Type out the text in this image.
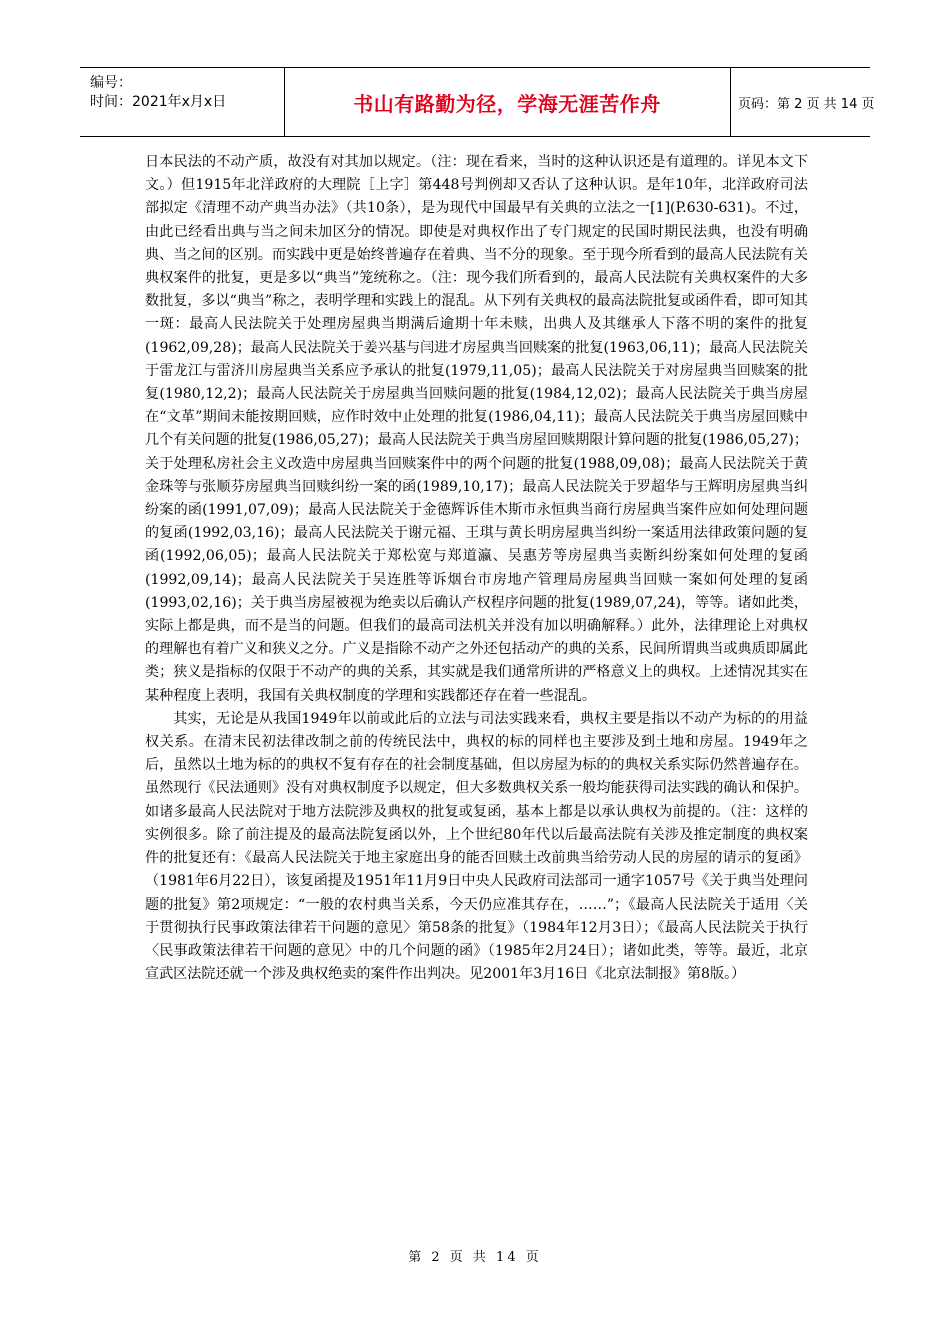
编号：
时间：2021年x月x日	书山有路勤为径，学海无涯苦作舟	页码：第 2 页 共 14 页

日本民法的不动产质，故没有对其加以规定。（注：现在看来，当时的这种认识还是有道理的。详见本文下文。）但1915年北洋政府的大理院［上字］第448号判例却又否认了这种认识。是年10年，北洋政府司法部拟定《清理不动产典当办法》（共10条），是为现代中国最早有关典的立法之一[1](P.630-631)。不过，由此已经看出典与当之间未加区分的情况。即使是对典权作出了专门规定的民国时期民法典，也没有明确典、当之间的区别。而实践中更是始终普遍存在着典、当不分的现象。至于现今所看到的最高人民法院有关典权案件的批复，更是多以“典当”笼统称之。（注：现今我们所看到的，最高人民法院有关典权案件的大多数批复，多以“典当”称之，表明学理和实践上的混乱。从下列有关典权的最高法院批复或函件看，即可知其一斑：最高人民法院关于处理房屋典当期满后逾期十年未赎，出典人及其继承人下落不明的案件的批复(1962,09,28)；最高人民法院关于姜兴基与闫进才房屋典当回赎案的批复(1963,06,11)；最高人民法院关于雷龙江与雷济川房屋典当关系应予承认的批复(1979,11,05)；最高人民法院关于对房屋典当回赎案的批复(1980,12,2)；最高人民法院关于房屋典当回赎问题的批复(1984,12,02)；最高人民法院关于典当房屋在“文革”期间未能按期回赎，应作时效中止处理的批复(1986,04,11)；最高人民法院关于典当房屋回赎中几个有关问题的批复(1986,05,27)；最高人民法院关于典当房屋回赎期限计算问题的批复(1986,05,27)；关于处理私房社会主义改造中房屋典当回赎案件中的两个问题的批复(1988,09,08)；最高人民法院关于黄金珠等与张顺芬房屋典当回赎纠纷一案的函(1989,10,17)；最高人民法院关于罗超华与王辉明房屋典当纠纷案的函(1991,07,09)；最高人民法院关于金德辉诉佳木斯市永恒典当商行房屋典当案件应如何处理问题的复函(1992,03,16)；最高人民法院关于谢元福、王琪与黄长明房屋典当纠纷一案适用法律政策问题的复函(1992,06,05)；最高人民法院关于郑松宽与郑道瀛、吴惠芳等房屋典当卖断纠纷案如何处理的复函(1992,09,14)；最高人民法院关于吴连胜等诉烟台市房地产管理局房屋典当回赎一案如何处理的复函(1993,02,16)；关于典当房屋被视为绝卖以后确认产权程序问题的批复(1989,07,24)，等等。诸如此类，实际上都是典，而不是当的问题。但我们的最高司法机关并没有加以明确解释。）此外，法律理论上对典权的理解也有着广义和狭义之分。广义是指除不动产之外还包括动产的典的关系，民间所谓典当或典质即属此类；狭义是指标的仅限于不动产的典的关系，其实就是我们通常所讲的严格意义上的典权。上述情况其实在某种程度上表明，我国有关典权制度的学理和实践都还存在着一些混乱。

其实，无论是从我国1949年以前或此后的立法与司法实践来看，典权主要是指以不动产为标的的用益权关系。在清末民初法律改制之前的传统民法中，典权的标的同样也主要涉及到土地和房屋。1949年之后，虽然以土地为标的的典权不复有存在的社会制度基础，但以房屋为标的的典权关系实际仍然普遍存在。虽然现行《民法通则》没有对典权制度予以规定，但大多数典权关系一般均能获得司法实践的确认和保护。如诸多最高人民法院对于地方法院涉及典权的批复或复函，基本上都是以承认典权为前提的。（注：这样的实例很多。除了前注提及的最高法院复函以外，上个世纪80年代以后最高法院有关涉及推定制度的典权案件的批复还有：《最高人民法院关于地主家庭出身的能否回赎土改前典当给劳动人民的房屋的请示的复函》（1981年6月22日），该复函提及1951年11月9日中央人民政府司法部司一通字1057号《关于典当处理问题的批复》第2项规定：“一般的农村典当关系，今天仍应准其存在，……”；《最高人民法院关于适用〈关于贯彻执行民事政策法律若干问题的意见〉第58条的批复》（1984年12月3日）；《最高人民法院关于执行〈民事政策法律若干问题的意见〉中的几个问题的函》（1985年2月24日）；诸如此类，等等。最近，北京宣武区法院还就一个涉及典权绝卖的案件作出判决。见2001年3月16日《北京法制报》第8版。）

第 2 页 共 14 页
